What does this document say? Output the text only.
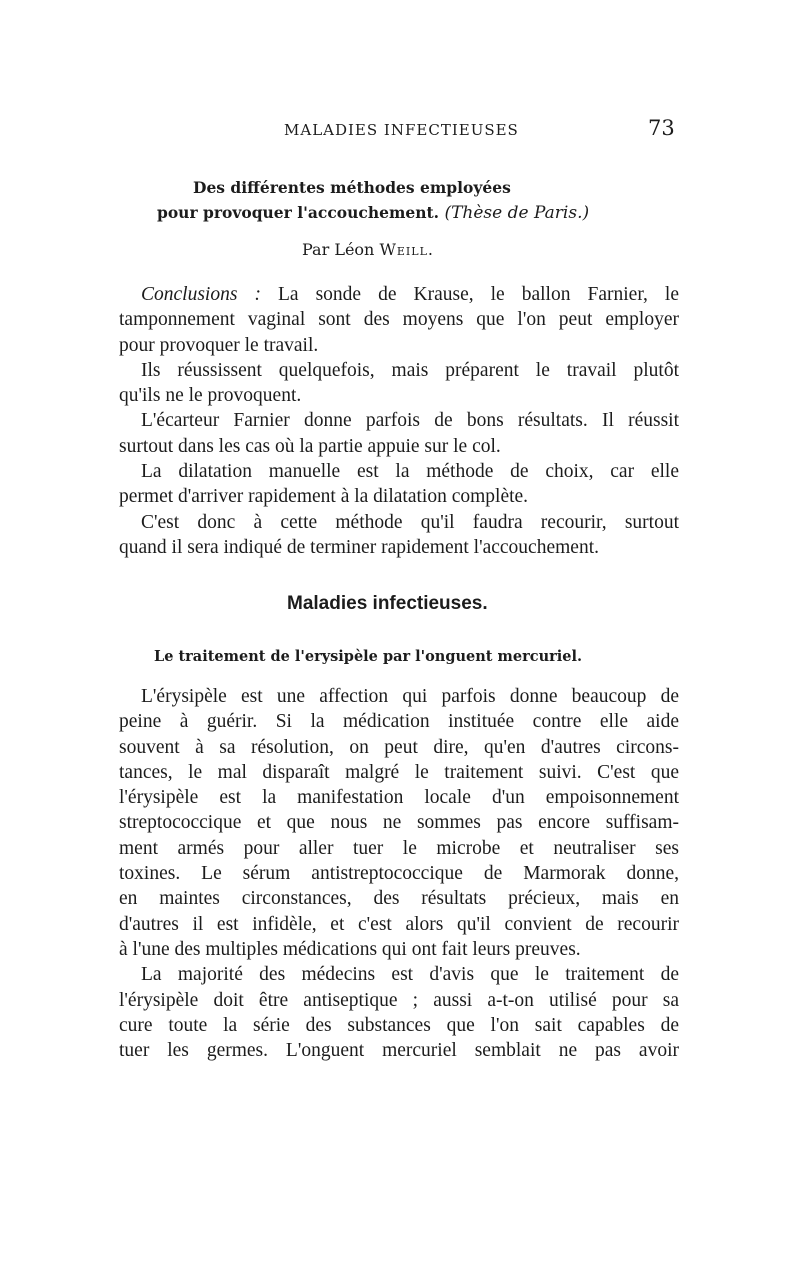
MALADIES INFECTIEUSES	73
Des différentes méthodes employées
pour provoquer l'accouchement. (Thèse de Paris.)
Par Léon Weill.
Conclusions : La sonde de Krause, le ballon Farnier, le
tamponnement vaginal sont des moyens que l'on peut employer
pour provoquer le travail.
Ils réussissent quelquefois, mais préparent le travail plutôt
qu'ils ne le provoquent.
L'écarteur Farnier donne parfois de bons résultats. Il réussit
surtout dans les cas où la partie appuie sur le col.
La dilatation manuelle est la méthode de choix, car elle
permet d'arriver rapidement à la dilatation complète.
C'est donc à cette méthode qu'il faudra recourir, surtout
quand il sera indiqué de terminer rapidement l'accouchement.
Maladies infectieuses.
Le traitement de l'erysipèle par l'onguent mercuriel.
L'érysipèle est une affection qui parfois donne beaucoup de
peine à guérir. Si la médication instituée contre elle aide
souvent à sa résolution, on peut dire, qu'en d'autres circons-
tances, le mal disparaît malgré le traitement suivi. C'est que
l'érysipèle est la manifestation locale d'un empoisonnement
streptococcique et que nous ne sommes pas encore suffisam-
ment armés pour aller tuer le microbe et neutraliser ses
toxines. Le sérum antistreptococcique de Marmorak donne,
en maintes circonstances, des résultats précieux, mais en
d'autres il est infidèle, et c'est alors qu'il convient de recourir
à l'une des multiples médications qui ont fait leurs preuves.
La majorité des médecins est d'avis que le traitement de
l'érysipèle doit être antiseptique ; aussi a-t-on utilisé pour sa
cure toute la série des substances que l'on sait capables de
tuer les germes. L'onguent mercuriel semblait ne pas avoir
